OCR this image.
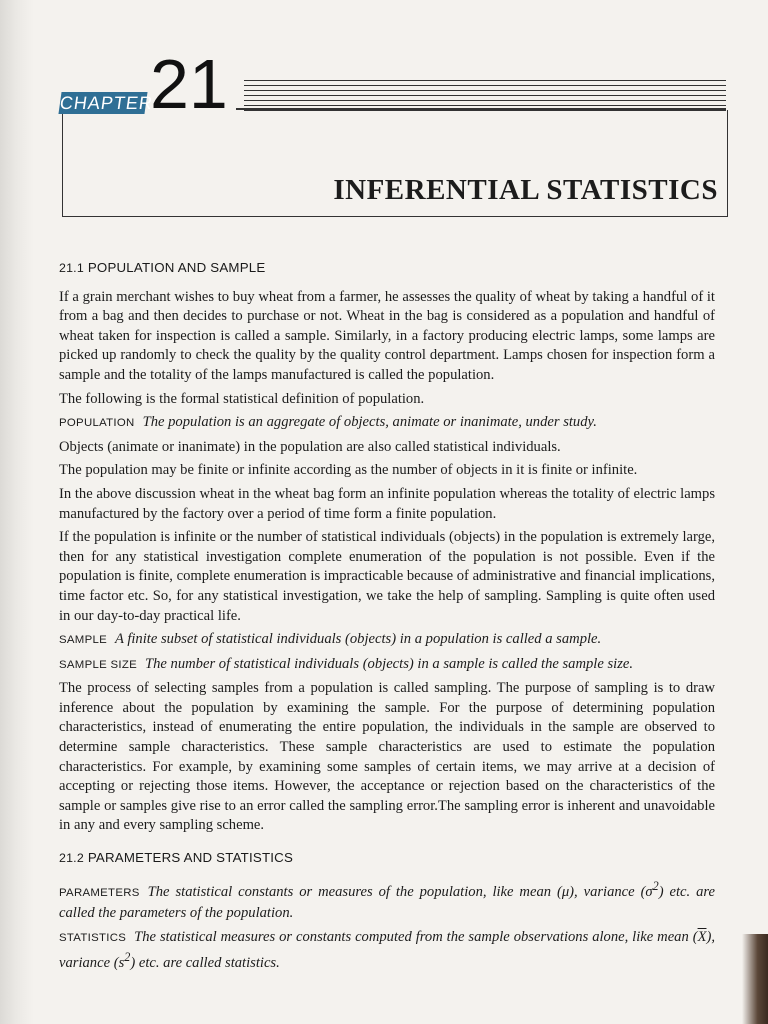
CHAPTER
21
INFERENTIAL STATISTICS
21.1 POPULATION AND SAMPLE

If a grain merchant wishes to buy wheat from a farmer, he assesses the quality of wheat by taking a handful of it from a bag and then decides to purchase or not. Wheat in the bag is considered as a population and handful of wheat taken for inspection is called a sample. Similarly, in a factory producing electric lamps, some lamps are picked up randomly to check the quality by the quality control department. Lamps chosen for inspection form a sample and the totality of the lamps manufactured is called the population.

The following is the formal statistical definition of population.

POPULATION The population is an aggregate of objects, animate or inanimate, under study.

Objects (animate or inanimate) in the population are also called statistical individuals.

The population may be finite or infinite according as the number of objects in it is finite or infinite.

In the above discussion wheat in the wheat bag form an infinite population whereas the totality of electric lamps manufactured by the factory over a period of time form a finite population.

If the population is infinite or the number of statistical individuals (objects) in the population is extremely large, then for any statistical investigation complete enumeration of the population is not possible. Even if the population is finite, complete enumeration is impracticable because of administrative and financial implications, time factor etc. So, for any statistical investigation, we take the help of sampling. Sampling is quite often used in our day-to-day practical life.

SAMPLE A finite subset of statistical individuals (objects) in a population is called a sample.
SAMPLE SIZE The number of statistical individuals (objects) in a sample is called the sample size.

The process of selecting samples from a population is called sampling. The purpose of sampling is to draw inference about the population by examining the sample. For the purpose of determining population characteristics, instead of enumerating the entire population, the individuals in the sample are observed to determine sample characteristics. These sample characteristics are used to estimate the population characteristics. For example, by examining some samples of certain items, we may arrive at a decision of accepting or rejecting those items. However, the acceptance or rejection based on the characteristics of the sample or samples give rise to an error called the sampling error.The sampling error is inherent and unavoidable in any and every sampling scheme.

21.2 PARAMETERS AND STATISTICS
PARAMETERS The statistical constants or measures of the population, like mean (μ), variance $(\sigma^2)$ etc. are called the parameters of the population.
STATISTICS The statistical measures or constants computed from the sample observations alone, like mean $(\overline{X})$, variance $(s^2)$ etc. are called statistics.
